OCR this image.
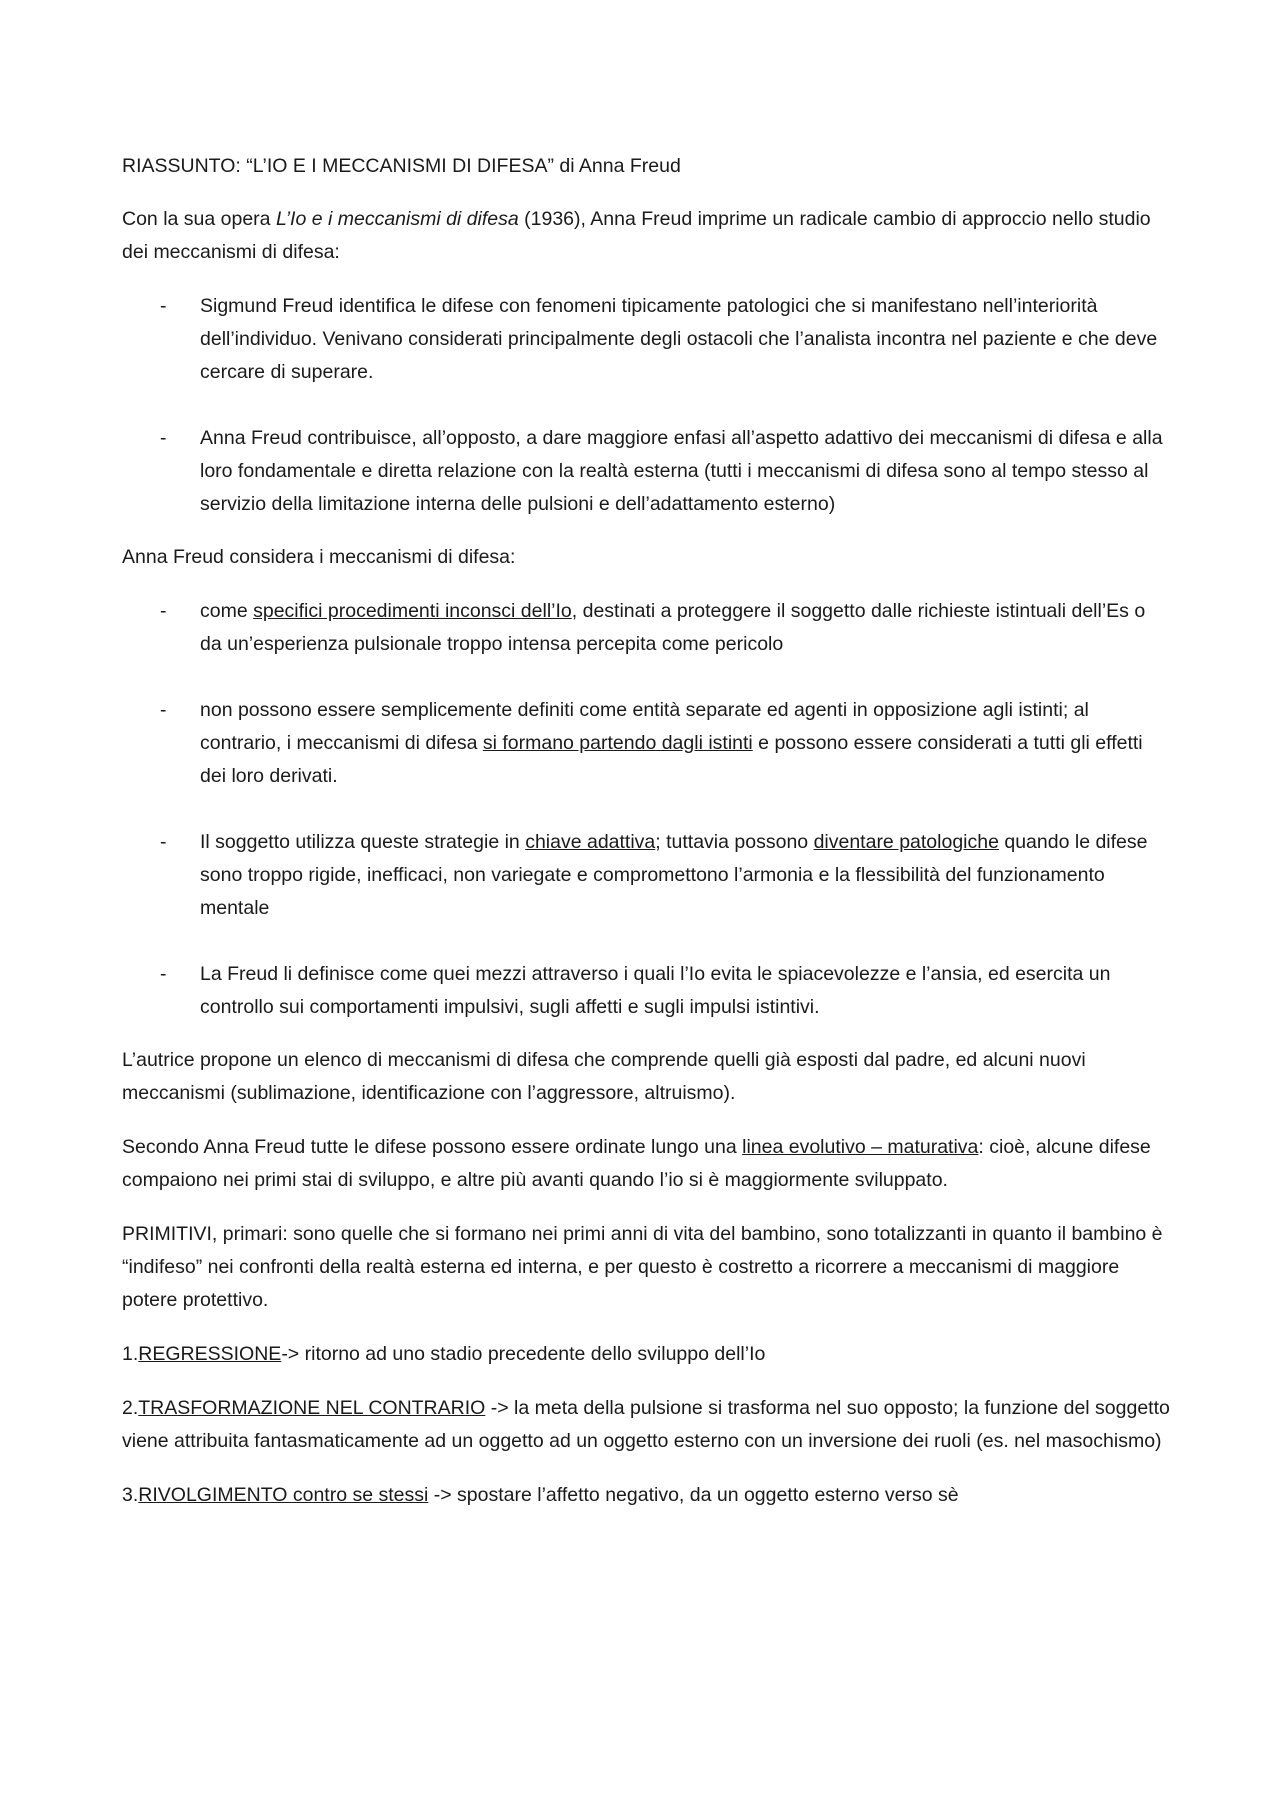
RIASSUNTO: “L’IO E I MECCANISMI DI DIFESA” di Anna Freud

Con la sua opera L’Io e i meccanismi di difesa (1936), Anna Freud imprime un radicale cambio di approccio nello studio dei meccanismi di difesa:

- Sigmund Freud identifica le difese con fenomeni tipicamente patologici che si manifestano nell’interiorità dell’individuo. Venivano considerati principalmente degli ostacoli che l’analista incontra nel paziente e che deve cercare di superare.
- Anna Freud contribuisce, all’opposto, a dare maggiore enfasi all’aspetto adattivo dei meccanismi di difesa e alla loro fondamentale e diretta relazione con la realtà esterna (tutti i meccanismi di difesa sono al tempo stesso al servizio della limitazione interna delle pulsioni e dell’adattamento esterno)

Anna Freud considera i meccanismi di difesa:

- come specifici procedimenti inconsci dell’Io, destinati a proteggere il soggetto dalle richieste istintuali dell’Es o da un’esperienza pulsionale troppo intensa percepita come pericolo
- non possono essere semplicemente definiti come entità separate ed agenti in opposizione agli istinti; al contrario, i meccanismi di difesa si formano partendo dagli istinti e possono essere considerati a tutti gli effetti dei loro derivati.
- Il soggetto utilizza queste strategie in chiave adattiva; tuttavia possono diventare patologiche quando le difese sono troppo rigide, inefficaci, non variegate e compromettono l’armonia e la flessibilità del funzionamento mentale
- La Freud li definisce come quei mezzi attraverso i quali l’Io evita le spiacevolezze e l’ansia, ed esercita un controllo sui comportamenti impulsivi, sugli affetti e sugli impulsi istintivi.

L’autrice propone un elenco di meccanismi di difesa che comprende quelli già esposti dal padre, ed alcuni nuovi meccanismi (sublimazione, identificazione con l’aggressore, altruismo).

Secondo Anna Freud tutte le difese possono essere ordinate lungo una linea evolutivo – maturativa: cioè, alcune difese compaiono nei primi stai di sviluppo, e altre più avanti quando l’io si è maggiormente sviluppato.

PRIMITIVI, primari: sono quelle che si formano nei primi anni di vita del bambino, sono totalizzanti in quanto il bambino è “indifeso” nei confronti della realtà esterna ed interna, e per questo è costretto a ricorrere a meccanismi di maggiore potere protettivo.

1.REGRESSIONE-> ritorno ad uno stadio precedente dello sviluppo dell’Io

2.TRASFORMAZIONE NEL CONTRARIO -> la meta della pulsione si trasforma nel suo opposto; la funzione del soggetto viene attribuita fantasmaticamente ad un oggetto ad un oggetto esterno con un inversione dei ruoli (es. nel masochismo)

3.RIVOLGIMENTO contro se stessi -> spostare l’affetto negativo, da un oggetto esterno verso sè
